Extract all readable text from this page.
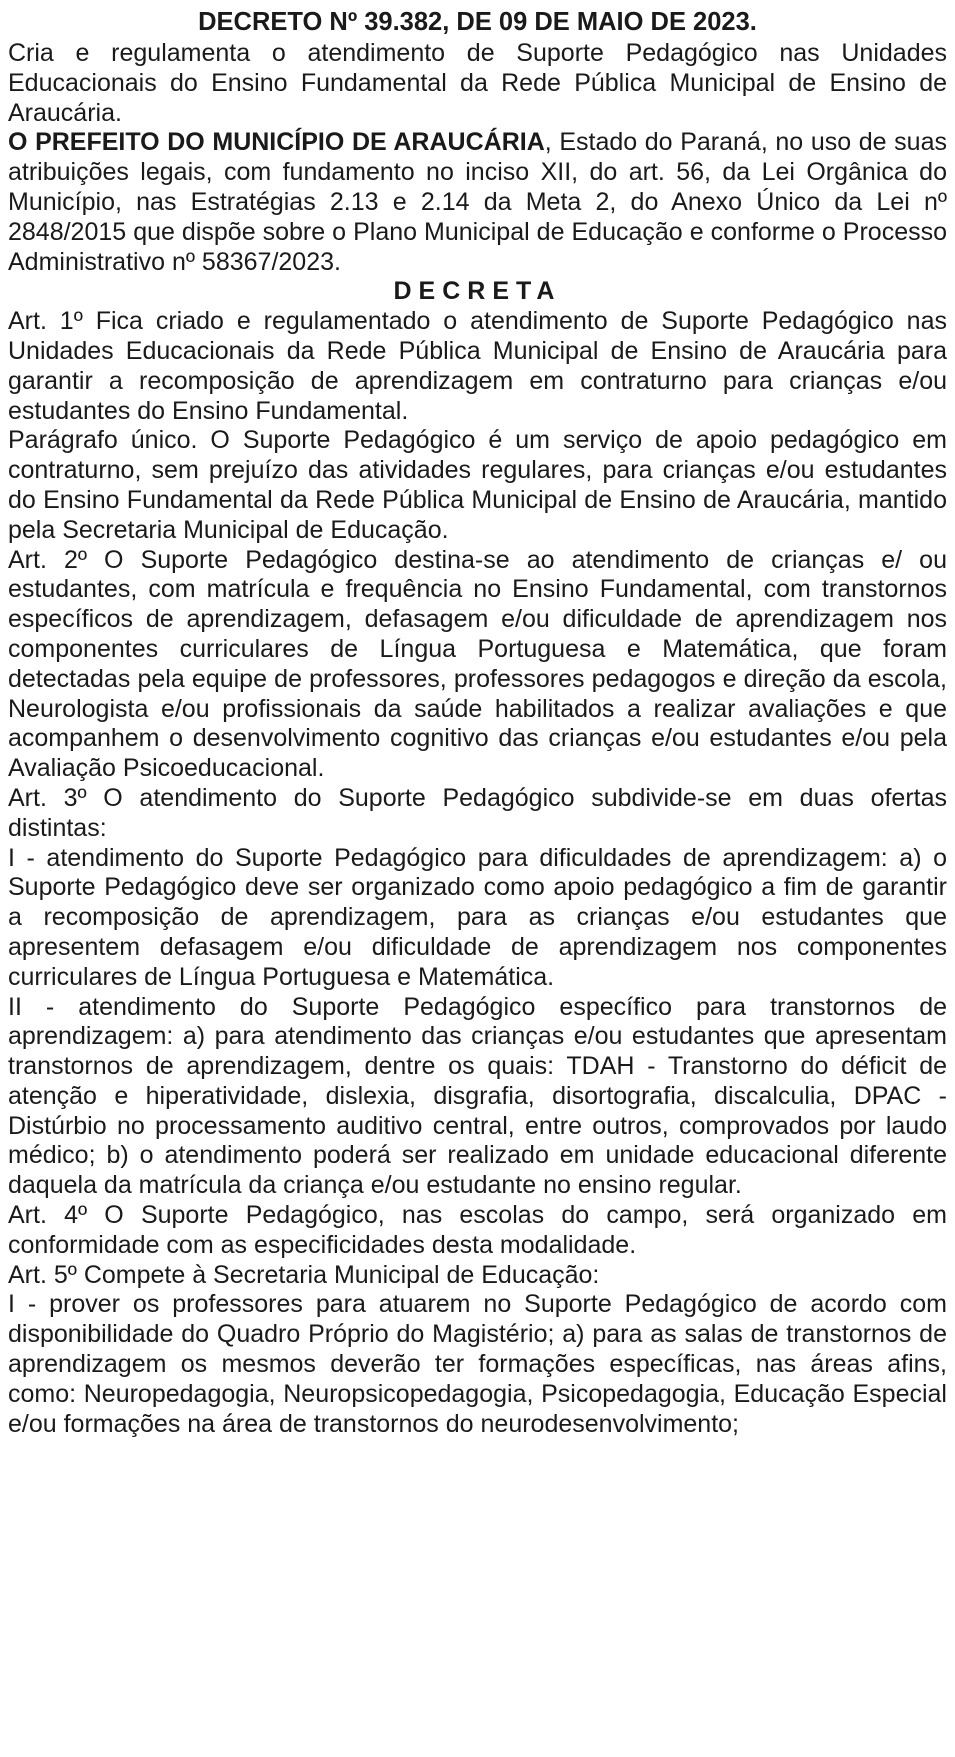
DECRETO Nº 39.382, DE 09 DE MAIO DE 2023.

Cria e regulamenta o atendimento de Suporte Pedagógico nas Unidades Educacionais do Ensino Fundamental da Rede Pública Municipal de Ensino de Araucária.

O PREFEITO DO MUNICÍPIO DE ARAUCÁRIA, Estado do Paraná, no uso de suas atribuições legais, com fundamento no inciso XII, do art. 56, da Lei Orgânica do Município, nas Estratégias 2.13 e 2.14 da Meta 2, do Anexo Único da Lei nº 2848/2015 que dispõe sobre o Plano Municipal de Educação e conforme o Processo Administrativo nº 58367/2023.

DECRETA

Art. 1º Fica criado e regulamentado o atendimento de Suporte Pedagógico nas Unidades Educacionais da Rede Pública Municipal de Ensino de Araucária para garantir a recomposição de aprendizagem em contraturno para crianças e/ou estudantes do Ensino Fundamental.

Parágrafo único. O Suporte Pedagógico é um serviço de apoio pedagógico em contraturno, sem prejuízo das atividades regulares, para crianças e/ou estudantes do Ensino Fundamental da Rede Pública Municipal de Ensino de Araucária, mantido pela Secretaria Municipal de Educação.

Art. 2º O Suporte Pedagógico destina-se ao atendimento de crianças e/ ou estudantes, com matrícula e frequência no Ensino Fundamental, com transtornos específicos de aprendizagem, defasagem e/ou dificuldade de aprendizagem nos componentes curriculares de Língua Portuguesa e Matemática, que foram detectadas pela equipe de professores, professores pedagogos e direção da escola, Neurologista e/ou profissionais da saúde habilitados a realizar avaliações e que acompanhem o desenvolvimento cognitivo das crianças e/ou estudantes e/ou pela Avaliação Psicoeducacional.

Art. 3º O atendimento do Suporte Pedagógico subdivide-se em duas ofertas distintas:

I - atendimento do Suporte Pedagógico para dificuldades de aprendizagem: a) o Suporte Pedagógico deve ser organizado como apoio pedagógico a fim de garantir a recomposição de aprendizagem, para as crianças e/ou estudantes que apresentem defasagem e/ou dificuldade de aprendizagem nos componentes curriculares de Língua Portuguesa e Matemática.

II - atendimento do Suporte Pedagógico específico para transtornos de aprendizagem: a) para atendimento das crianças e/ou estudantes que apresentam transtornos de aprendizagem, dentre os quais: TDAH - Transtorno do déficit de atenção e hiperatividade, dislexia, disgrafia, disortografia, discalculia, DPAC - Distúrbio no processamento auditivo central, entre outros, comprovados por laudo médico; b) o atendimento poderá ser realizado em unidade educacional diferente daquela da matrícula da criança e/ou estudante no ensino regular.

Art. 4º O Suporte Pedagógico, nas escolas do campo, será organizado em conformidade com as especificidades desta modalidade.

Art. 5º Compete à Secretaria Municipal de Educação:

I - prover os professores para atuarem no Suporte Pedagógico de acordo com disponibilidade do Quadro Próprio do Magistério; a) para as salas de transtornos de aprendizagem os mesmos deverão ter formações específicas, nas áreas afins, como: Neuropedagogia, Neuropsicopedagogia, Psicopedagogia, Educação Especial e/ou formações na área de transtornos do neurodesenvolvimento;
